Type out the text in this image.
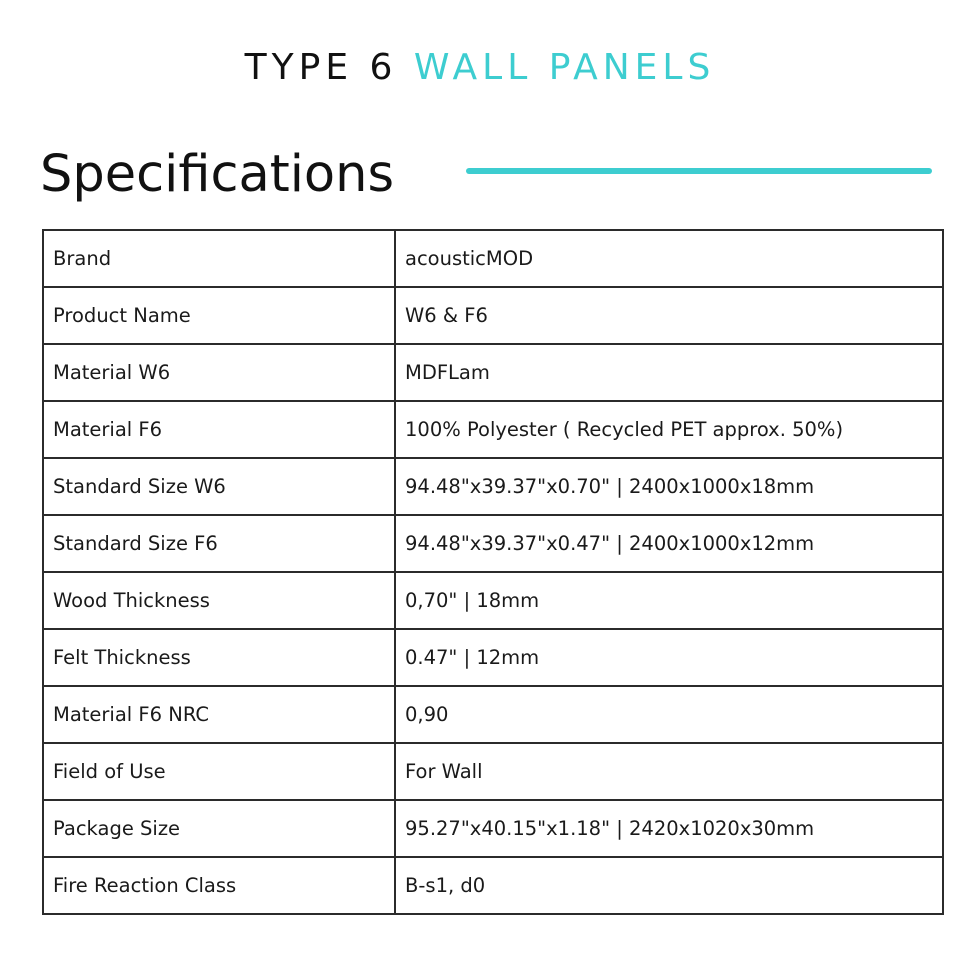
TYPE 6 WALL PANELS
Specifications
Brand	acousticMOD
Product Name	W6 & F6
Material W6	MDFLam
Material F6	100% Polyester ( Recycled PET approx. 50%)
Standard Size W6	94.48"x39.37"x0.70" | 2400x1000x18mm
Standard Size F6	94.48"x39.37"x0.47" | 2400x1000x12mm
Wood Thickness	0,70" | 18mm
Felt Thickness	0.47" | 12mm
Material F6 NRC	0,90
Field of Use	For Wall
Package Size	95.27"x40.15"x1.18" | 2420x1020x30mm
Fire Reaction Class	B-s1, d0
